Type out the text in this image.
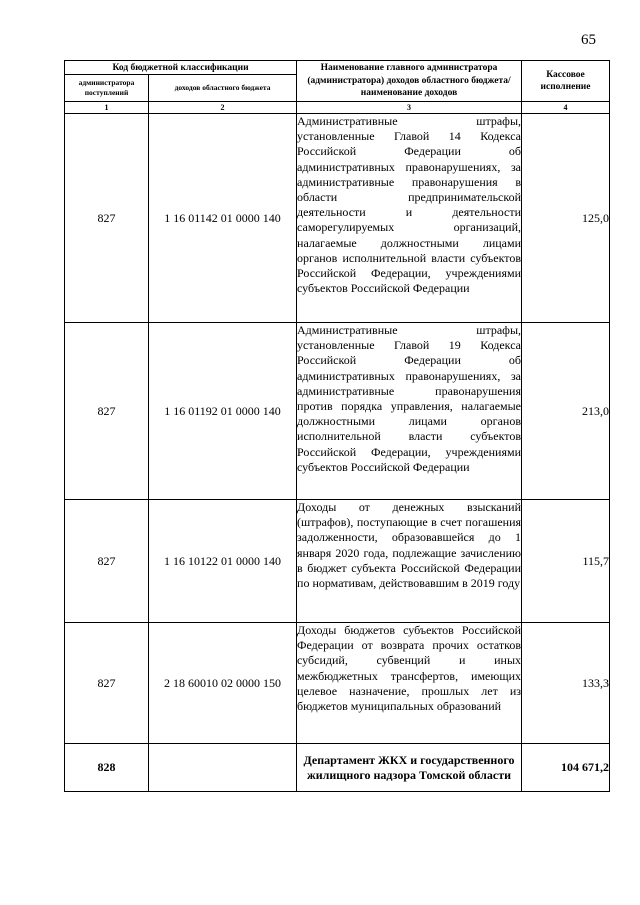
65
Код бюджетной классификации		Наименование главного администратора (администратора) доходов областного бюджета/ наименование доходов	Кассовое исполнение
администратора поступлений	доходов областного бюджета		
1	2	3	4
827	1 16 01142 01 0000 140	Административные штрафы, установленные Главой 14 Кодекса Российской Федерации об административных правонарушениях, за административные правонарушения в области предпринимательской деятельности и деятельности саморегулируемых организаций, налагаемые должностными лицами органов исполнительной власти субъектов Российской Федерации, учреждениями субъектов Российской Федерации	125,0
827	1 16 01192 01 0000 140	Административные штрафы, установленные Главой 19 Кодекса Российской Федерации об административных правонарушениях, за административные правонарушения против порядка управления, налагаемые должностными лицами органов исполнительной власти субъектов Российской Федерации, учреждениями субъектов Российской Федерации	213,0
827	1 16 10122 01 0000 140	Доходы от денежных взысканий (штрафов), поступающие в счет погашения задолженности, образовавшейся до 1 января 2020 года, подлежащие зачислению в бюджет субъекта Российской Федерации по нормативам, действовавшим в 2019 году	115,7
827	2 18 60010 02 0000 150	Доходы бюджетов субъектов Российской Федерации от возврата прочих остатков субсидий, субвенций и иных межбюджетных трансфертов, имеющих целевое назначение, прошлых лет из бюджетов муниципальных образований	133,3
828		Департамент ЖКХ и государственного жилищного надзора Томской области	104 671,2
